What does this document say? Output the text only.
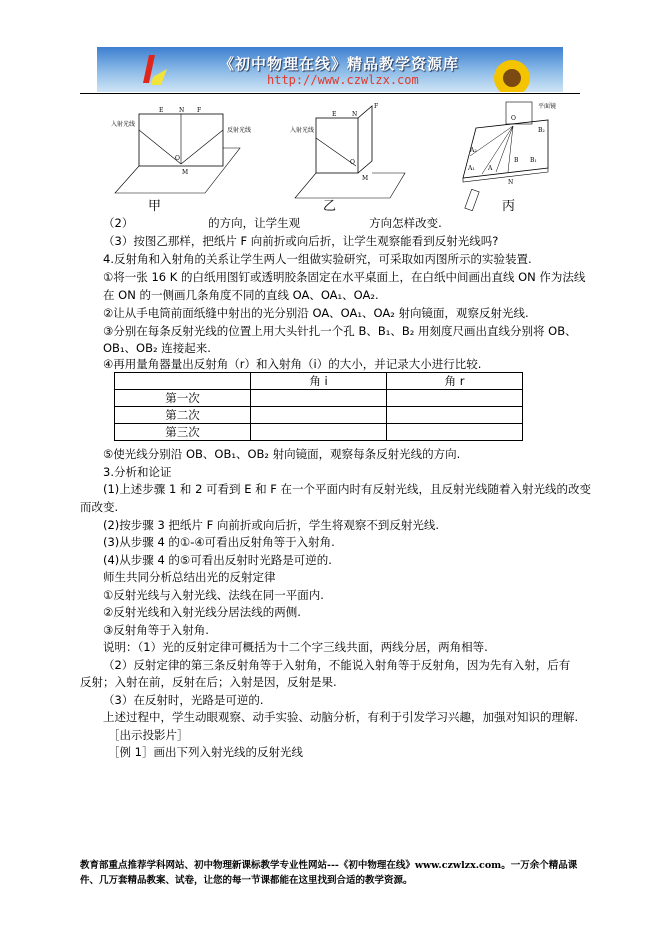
《初中物理在线》精品教学资源库
http://www.czwlzx.com
E	N F
入射光线
反射光线
O
M
E	N
F
入射光线
O
M
平面镜
O
B₂
A₂
A₁ A
B B₁
N
甲	乙	丙
（2）　　　　　　　的方向，让学生观　　　　　　方向怎样改变.
（3）按图乙那样，把纸片 F 向前折或向后折，让学生观察能看到反射光线吗?
4.反射角和入射角的关系让学生两人一组做实验研究，可采取如丙图所示的实验装置.
①将一张 16 K 的白纸用图钉或透明胶条固定在水平桌面上，在白纸中间画出直线 ON 作为法线
在 ON 的一侧画几条角度不同的直线 OA、OA₁、OA₂.
②让从手电筒前面纸缝中射出的光分别沿 OA、OA₁、OA₂ 射向镜面，观察反射光线.
③分别在每条反射光线的位置上用大头针扎一个孔 B、B₁、B₂ 用刻度尺画出直线分别将 OB、
OB₁、OB₂ 连接起来.
④再用量角器量出反射角（r）和入射角（i）的大小，并记录大小进行比较.
	角 i	角 r
第一次		
第二次		
第三次		
⑤使光线分别沿 OB、OB₁、OB₂ 射向镜面，观察每条反射光线的方向.
3.分析和论证
(1)上述步骤 1 和 2 可看到 E 和 F 在一个平面内时有反射光线，且反射光线随着入射光线的改变
而改变.
(2)按步骤 3 把纸片 F 向前折或向后折，学生将观察不到反射光线.
(3)从步骤 4 的①-④可看出反射角等于入射角.
(4)从步骤 4 的⑤可看出反射时光路是可逆的.
师生共同分析总结出光的反射定律
①反射光线与入射光线、法线在同一平面内.
②反射光线和入射光线分居法线的两侧.
③反射角等于入射角.
说明：（1）光的反射定律可概括为十二个字三线共面，两线分居，两角相等.
（2）反射定律的第三条反射角等于入射角，不能说入射角等于反射角，因为先有入射，后有
反射；入射在前，反射在后；入射是因，反射是果.
（3）在反射时，光路是可逆的.
上述过程中，学生动眼观察、动手实验、动脑分析，有利于引发学习兴趣，加强对知识的理解.
［出示投影片］
［例 1］画出下列入射光线的反射光线
教育部重点推荐学科网站、初中物理新课标教学专业性网站---《初中物理在线》www.czwlzx.com。一万余个精品课
件、几万套精品教案、试卷，让您的每一节课都能在这里找到合适的教学资源。
